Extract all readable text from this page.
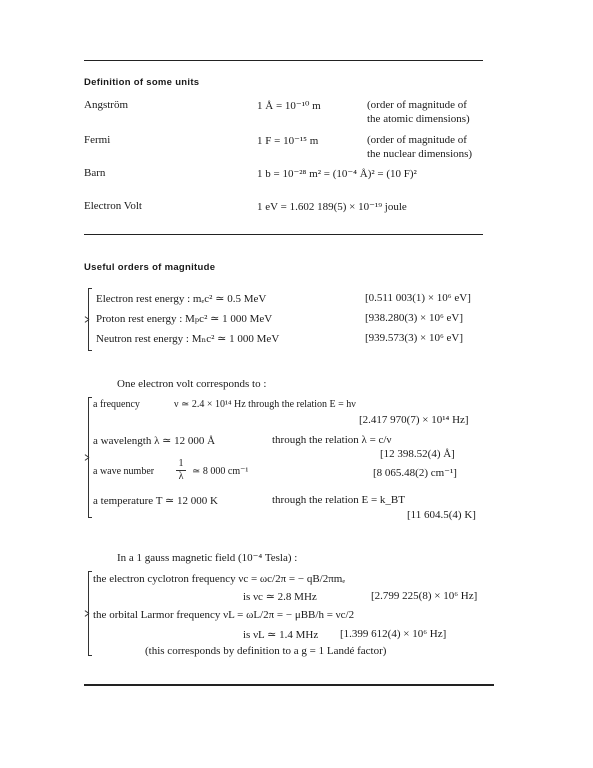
Definition of some units
Angström	1 Å = 10⁻¹⁰ m	(order of magnitude of
the atomic dimensions)
Fermi	1 F = 10⁻¹⁵ m	(order of magnitude of
the nuclear dimensions)
Barn	1 b = 10⁻²⁸ m² = (10⁻⁴ Å)² = (10 F)²
Electron Volt	1 eV = 1.602 189(5) × 10⁻¹⁹ joule
Useful orders of magnitude
Electron rest energy : mₑc² ≃ 0.5 MeV	[0.511 003(1) × 10⁶ eV]
Proton rest energy : Mₚc² ≃ 1 000 MeV	[938.280(3) × 10⁶ eV]
Neutron rest energy : Mₙc² ≃ 1 000 MeV	[939.573(3) × 10⁶ eV]
One electron volt corresponds to :
a frequency	ν ≃ 2.4 × 10¹⁴ Hz through the relation E = hν
[2.417 970(7) × 10¹⁴ Hz]
a wavelength λ ≃ 12 000 Å	through the relation λ = c/ν
[12 398.52(4) Å]
a wave number $\frac{1}{\lambda}$ ≃ 8 000 cm⁻¹	[8 065.48(2) cm⁻¹]
a temperature T ≃ 12 000 K	through the relation E = k_BT
[11 604.5(4) K]
In a 1 gauss magnetic field (10⁻⁴ Tesla) :
the electron cyclotron frequency νc = ωc/2π = − qB/2πmₑ
is νc ≃ 2.8 MHz	[2.799 225(8) × 10⁶ Hz]
the orbital Larmor frequency νL = ωL/2π = − μBB/h = νc/2
is νL ≃ 1.4 MHz [1.399 612(4) × 10⁶ Hz]
(this corresponds by definition to a g = 1 Landé factor)
